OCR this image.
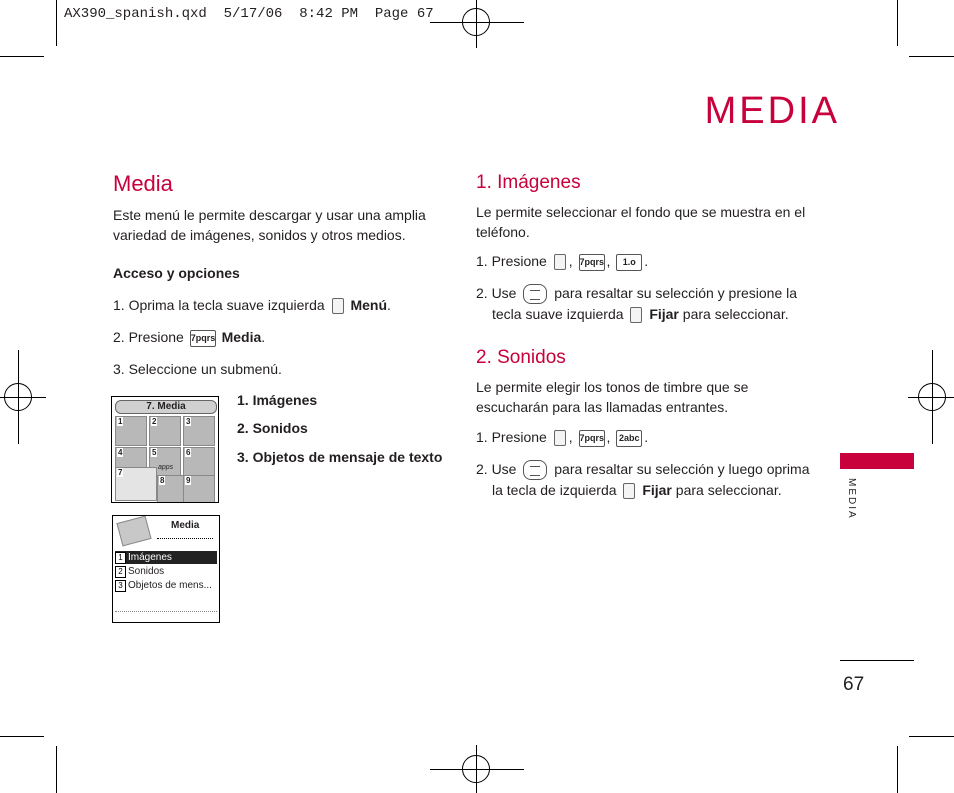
AX390_spanish.qxd  5/17/06  8:42 PM  Page 67
MEDIA
Media
Este menú le permite descargar y usar una amplia variedad de imágenes, sonidos y otros medios.
Acceso y opciones
1. Oprima la tecla suave izquierda Menú.
2. Presione 7pqrs Media.
3. Seleccione un submenú.
1. Imágenes
2. Sonidos
3. Objetos de mensaje de texto
7. Media
1	2	3
4	5
apps
6
7
8	9
Media
1 Imágenes
2 Sonidos
3 Objetos de mens...
1. Imágenes
Le permite seleccionar el fondo que se muestra en el teléfono.
1. Presione , 7pqrs , 1.o .
2. Use	para resaltar su selección y presione la
tecla suave izquierda Fijar para seleccionar.
2. Sonidos
Le permite elegir los tonos de timbre que se escucharán para las llamadas entrantes.
1. Presione , 7pqrs , 2abc .
2. Use	para resaltar su selección y luego oprima
la tecla de izquierda Fijar para seleccionar.	MEDIA
67
